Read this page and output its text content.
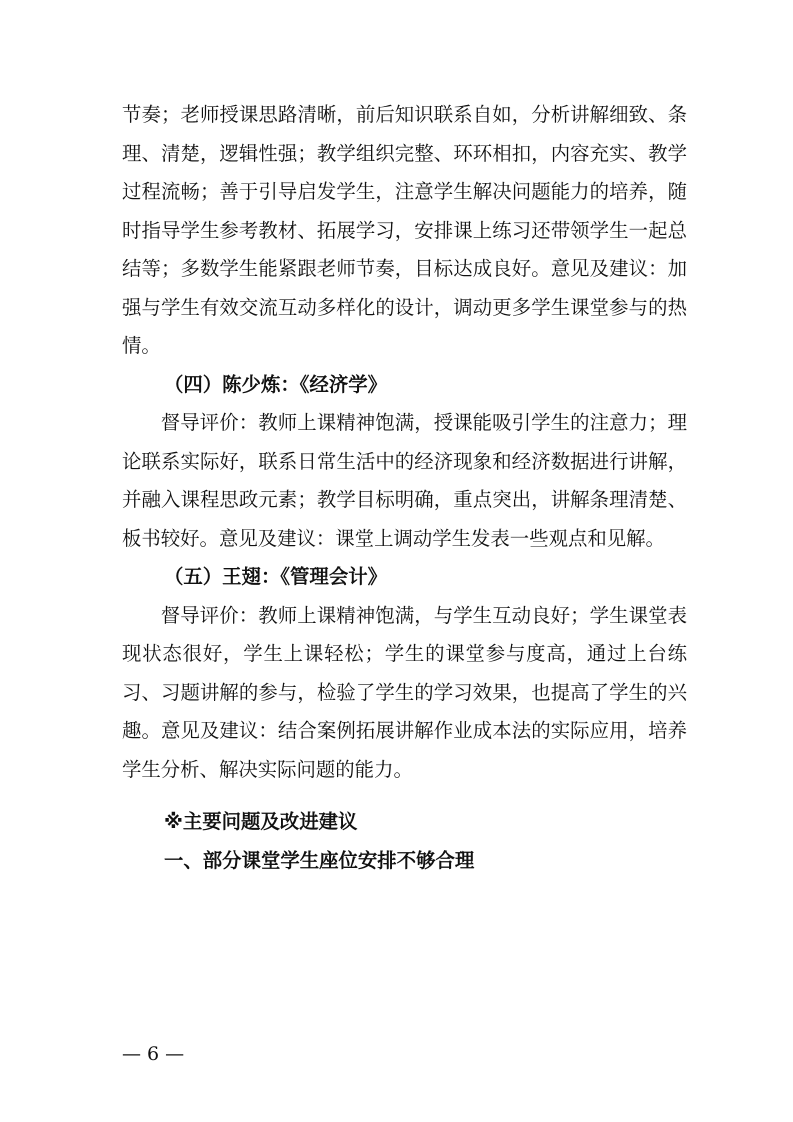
节奏；老师授课思路清晰，前后知识联系自如，分析讲解细致、条理、清楚，逻辑性强；教学组织完整、环环相扣，内容充实、教学过程流畅；善于引导启发学生，注意学生解决问题能力的培养，随时指导学生参考教材、拓展学习，安排课上练习还带领学生一起总结等；多数学生能紧跟老师节奏，目标达成良好。意见及建议：加强与学生有效交流互动多样化的设计，调动更多学生课堂参与的热情。

（四）陈少炼：《经济学》

督导评价：教师上课精神饱满，授课能吸引学生的注意力；理论联系实际好，联系日常生活中的经济现象和经济数据进行讲解，并融入课程思政元素；教学目标明确，重点突出，讲解条理清楚、板书较好。意见及建议：课堂上调动学生发表一些观点和见解。

（五）王翅：《管理会计》

督导评价：教师上课精神饱满，与学生互动良好；学生课堂表现状态很好，学生上课轻松；学生的课堂参与度高，通过上台练习、习题讲解的参与，检验了学生的学习效果，也提高了学生的兴趣。意见及建议：结合案例拓展讲解作业成本法的实际应用，培养学生分析、解决实际问题的能力。

※主要问题及改进建议

一、部分课堂学生座位安排不够合理

— 6 —
